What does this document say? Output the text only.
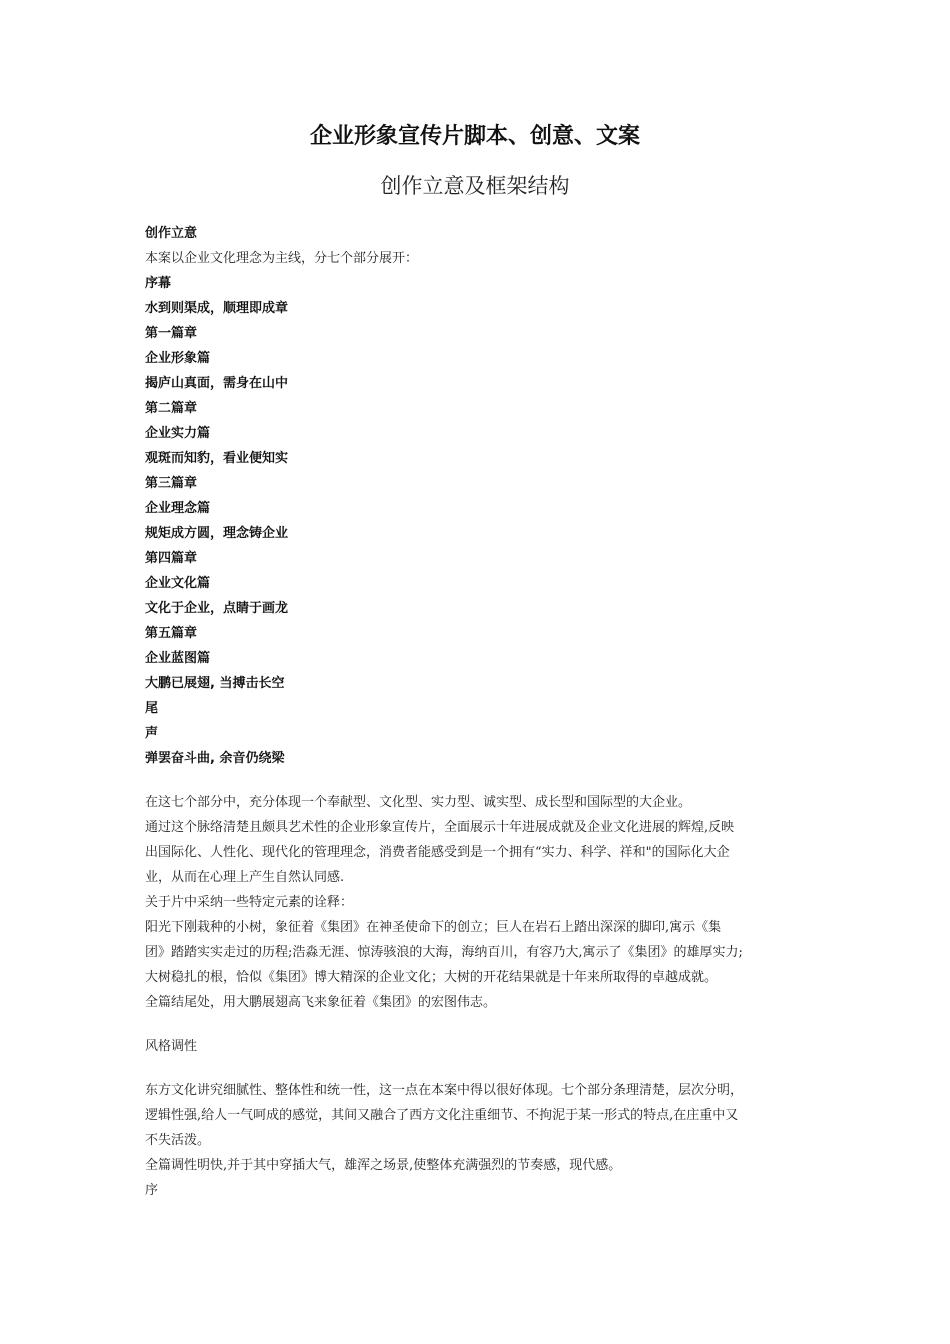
企业形象宣传片脚本、创意、文案
创作立意及框架结构
创作立意
本案以企业文化理念为主线，分七个部分展开：
序幕
水到则渠成，顺理即成章
第一篇章
企业形象篇
揭庐山真面，需身在山中
第二篇章
企业实力篇
观斑而知豹，看业便知实
第三篇章
企业理念篇
规矩成方圆，理念铸企业
第四篇章
企业文化篇
文化于企业，点睛于画龙
第五篇章
企业蓝图篇
大鹏已展翅, 当搏击长空
尾
声
弹罢奋斗曲, 余音仍绕梁
在这七个部分中，充分体现一个奉献型、文化型、实力型、诚实型、成长型和国际型的大企业。
通过这个脉络清楚且颇具艺术性的企业形象宣传片，全面展示十年进展成就及企业文化进展的辉煌,反映
出国际化、人性化、现代化的管理理念，消费者能感受到是一个拥有“实力、科学、祥和"的国际化大企
业，从而在心理上产生自然认同感.
关于片中采纳一些特定元素的诠释：
阳光下刚栽种的小树，象征着《集团》在神圣使命下的创立；巨人在岩石上踏出深深的脚印,寓示《集
团》踏踏实实走过的历程;浩淼无涯、惊涛骇浪的大海，海纳百川，有容乃大,寓示了《集团》的雄厚实力;
大树稳扎的根，恰似《集团》博大精深的企业文化；大树的开花结果就是十年来所取得的卓越成就。
全篇结尾处，用大鹏展翅高飞来象征着《集团》的宏图伟志。
风格调性
东方文化讲究细腻性、整体性和统一性，这一点在本案中得以很好体现。七个部分条理清楚，层次分明，
逻辑性强,给人一气呵成的感觉，其间又融合了西方文化注重细节、不拘泥于某一形式的特点,在庄重中又
不失活泼。
全篇调性明快,并于其中穿插大气，雄浑之场景,使整体充满强烈的节奏感，现代感。
序
